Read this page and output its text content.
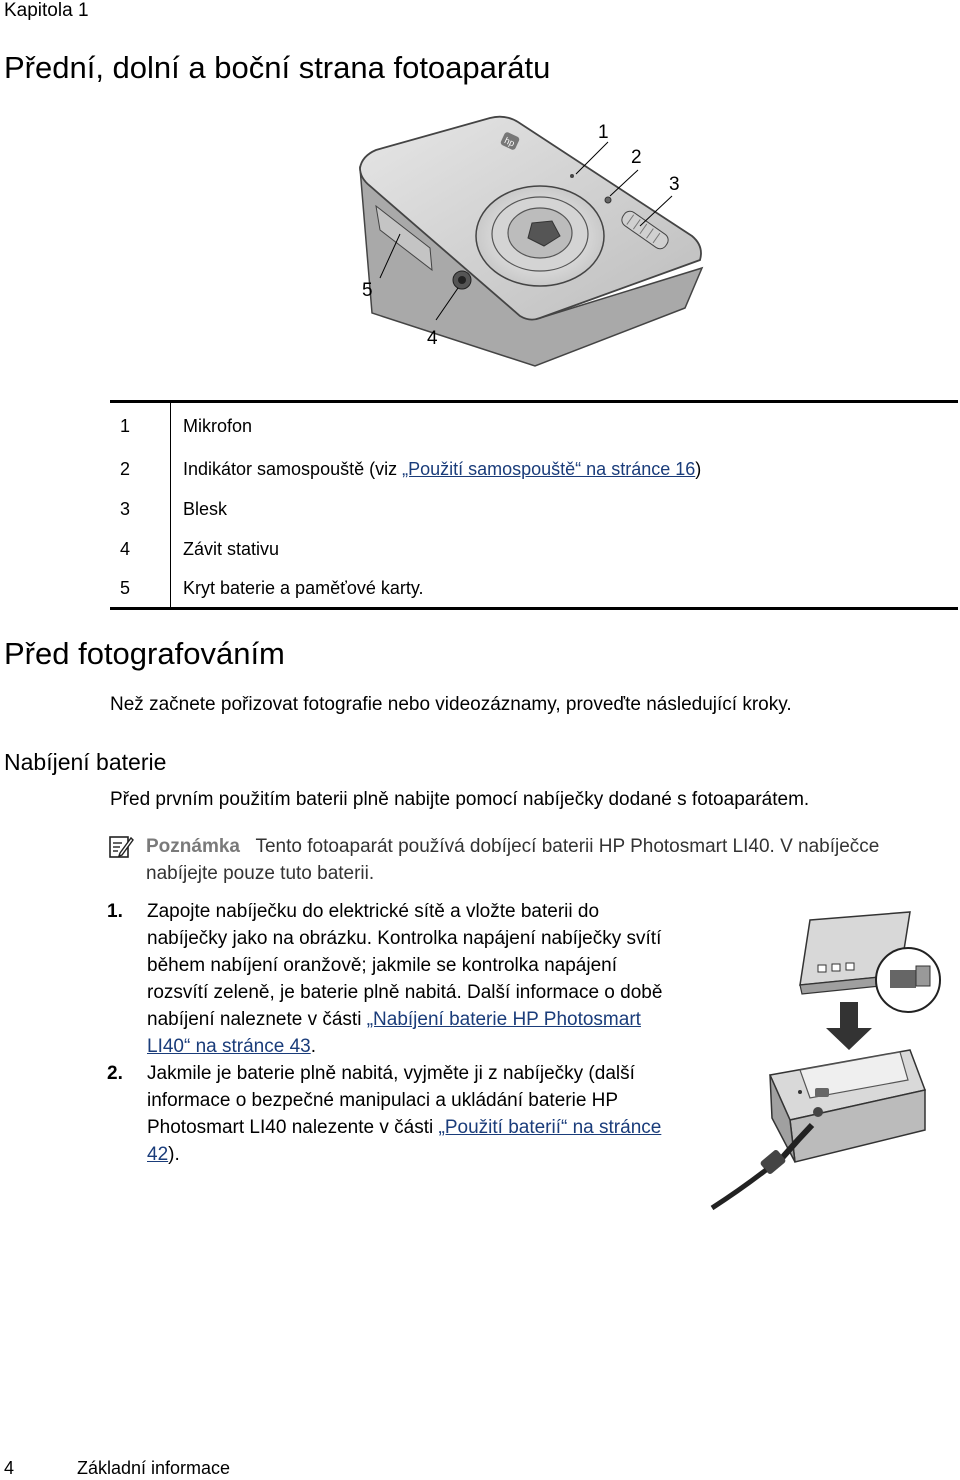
Kapitola 1
Přední, dolní a boční strana fotoaparátu
hp	1
2
3
4
5
1	Mikrofon
2	Indikátor samospouště (viz „Použití samospouště“ na stránce 16)
3	Blesk
4	Závit stativu
5	Kryt baterie a paměťové karty.
Před fotografováním
Než začnete pořizovat fotografie nebo videozáznamy, proveďte následující kroky.
Nabíjení baterie
Před prvním použitím baterii plně nabijte pomocí nabíječky dodané s fotoaparátem.
Poznámka Tento fotoaparát používá dobíjecí baterii HP Photosmart LI40. V nabíječce nabíjejte pouze tuto baterii.
1. Zapojte nabíječku do elektrické sítě a vložte baterii do nabíječky jako na obrázku. Kontrolka napájení nabíječky svítí během nabíjení oranžově; jakmile se kontrolka napájení rozsvítí zeleně, je baterie plně nabitá. Další informace o době nabíjení naleznete v části „Nabíjení baterie HP Photosmart LI40“ na stránce 43.
2. Jakmile je baterie plně nabitá, vyjměte ji z nabíječky (další informace o bezpečné manipulaci a ukládání baterie HP Photosmart LI40 nalezente v části „Použití baterií“ na stránce 42).
4	Základní informace
